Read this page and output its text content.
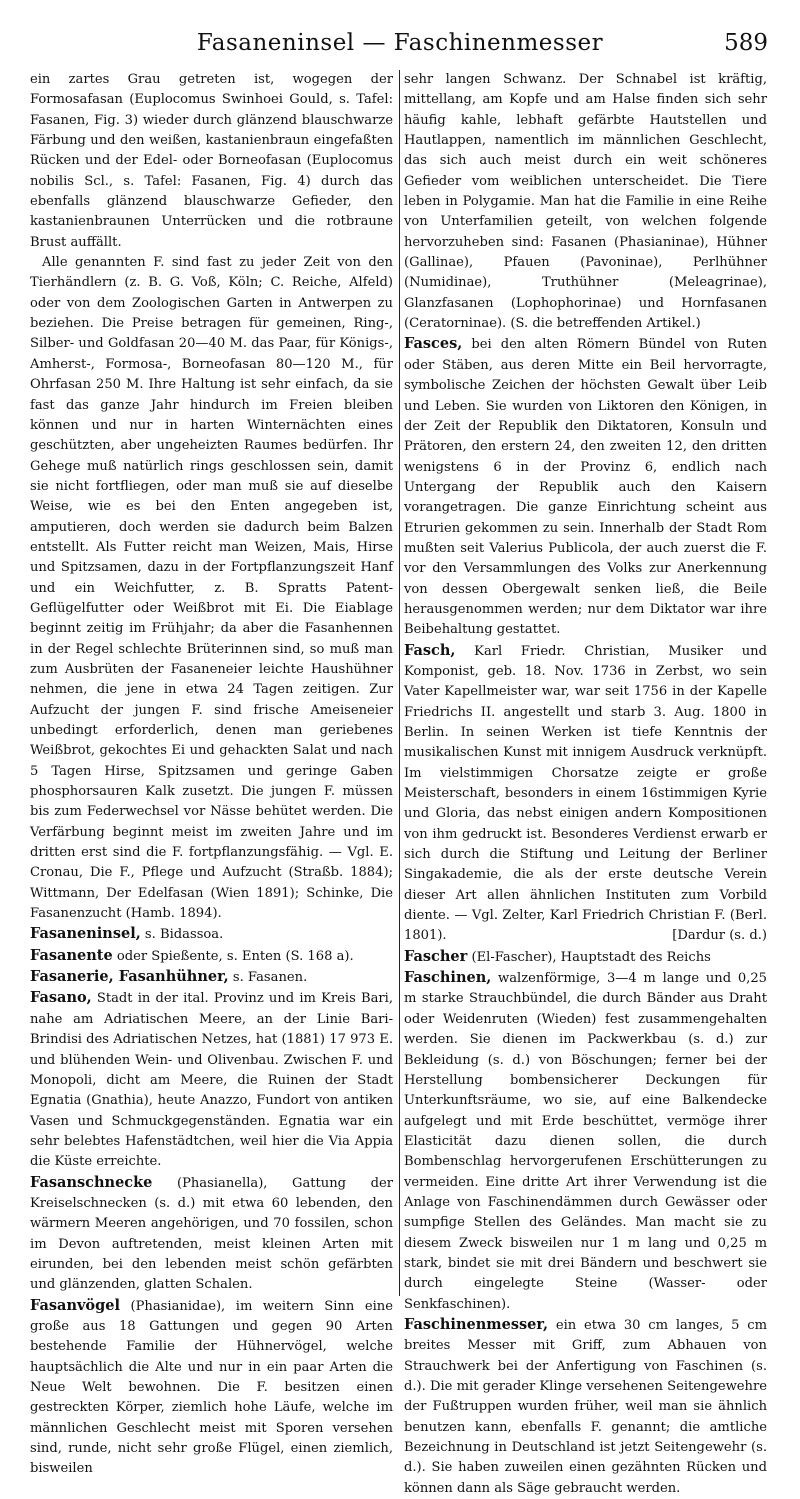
Fasaneninsel — Faschinenmesser	589

ein zartes Grau getreten ist, wogegen der Formosafasan (Euplocomus Swinhoei Gould, s. Tafel: Fasanen, Fig. 3) wieder durch glänzend blauschwarze Färbung und den weißen, kastanienbraun eingefaßten Rücken und der Edel- oder Borneofasan (Euplocomus nobilis Scl., s. Tafel: Fasanen, Fig. 4) durch das ebenfalls glänzend blauschwarze Gefieder, den kastanienbraunen Unterrücken und die rotbraune Brust auffällt.

Alle genannten F. sind fast zu jeder Zeit von den Tierhändlern (z. B. G. Voß, Köln; C. Reiche, Alfeld) oder von dem Zoologischen Garten in Antwerpen zu beziehen. Die Preise betragen für gemeinen, Ring-, Silber- und Goldfasan 20—40 M. das Paar, für Königs-, Amherst-, Formosa-, Borneofasan 80—120 M., für Ohrfasan 250 M. Ihre Haltung ist sehr einfach, da sie fast das ganze Jahr hindurch im Freien bleiben können und nur in harten Winternächten eines geschützten, aber ungeheizten Raumes bedürfen. Ihr Gehege muß natürlich rings geschlossen sein, damit sie nicht fortfliegen, oder man muß sie auf dieselbe Weise, wie es bei den Enten angegeben ist, amputieren, doch werden sie dadurch beim Balzen entstellt. Als Futter reicht man Weizen, Mais, Hirse und Spitzsamen, dazu in der Fortpflanzungszeit Hanf und ein Weichfutter, z. B. Spratts Patent-Geflügelfutter oder Weißbrot mit Ei. Die Eiablage beginnt zeitig im Frühjahr; da aber die Fasanhennen in der Regel schlechte Brüterinnen sind, so muß man zum Ausbrüten der Fasaneneier leichte Haushühner nehmen, die jene in etwa 24 Tagen zeitigen. Zur Aufzucht der jungen F. sind frische Ameiseneier unbedingt erforderlich, denen man geriebenes Weißbrot, gekochtes Ei und gehackten Salat und nach 5 Tagen Hirse, Spitzsamen und geringe Gaben phosphorsauren Kalk zusetzt. Die jungen F. müssen bis zum Federwechsel vor Nässe behütet werden. Die Verfärbung beginnt meist im zweiten Jahre und im dritten erst sind die F. fortpflanzungsfähig. — Vgl. E. Cronau, Die F., Pflege und Aufzucht (Straßb. 1884); Wittmann, Der Edelfasan (Wien 1891); Schinke, Die Fasanenzucht (Hamb. 1894).

Fasaneninsel, s. Bidassoa.

Fasanente oder Spießente, s. Enten (S. 168 a).

Fasanerie, Fasanhühner, s. Fasanen.

Fasano, Stadt in der ital. Provinz und im Kreis Bari, nahe am Adriatischen Meere, an der Linie Bari-Brindisi des Adriatischen Netzes, hat (1881) 17 973 E. und blühenden Wein- und Olivenbau. Zwischen F. und Monopoli, dicht am Meere, die Ruinen der Stadt Egnatia (Gnathia), heute Anazzo, Fundort von antiken Vasen und Schmuckgegenständen. Egnatia war ein sehr belebtes Hafenstädtchen, weil hier die Via Appia die Küste erreichte.

Fasanschnecke (Phasianella), Gattung der Kreiselschnecken (s. d.) mit etwa 60 lebenden, den wärmern Meeren angehörigen, und 70 fossilen, schon im Devon auftretenden, meist kleinen Arten mit eirunden, bei den lebenden meist schön gefärbten und glänzenden, glatten Schalen.

Fasanvögel (Phasianidae), im weitern Sinn eine große aus 18 Gattungen und gegen 90 Arten bestehende Familie der Hühnervögel, welche hauptsächlich die Alte und nur in ein paar Arten die Neue Welt bewohnen. Die F. besitzen einen gestreckten Körper, ziemlich hohe Läufe, welche im männlichen Geschlecht meist mit Sporen versehen sind, runde, nicht sehr große Flügel, einen ziemlich, bisweilen

sehr langen Schwanz. Der Schnabel ist kräftig, mittellang, am Kopfe und am Halse finden sich sehr häufig kahle, lebhaft gefärbte Hautstellen und Hautlappen, namentlich im männlichen Geschlecht, das sich auch meist durch ein weit schöneres Gefieder vom weiblichen unterscheidet. Die Tiere leben in Polygamie. Man hat die Familie in eine Reihe von Unterfamilien geteilt, von welchen folgende hervorzuheben sind: Fasanen (Phasianinae), Hühner (Gallinae), Pfauen (Pavoninae), Perlhühner (Numidinae), Truthühner (Meleagrinae), Glanzfasanen (Lophophorinae) und Hornfasanen (Ceratorninae). (S. die betreffenden Artikel.)

Fasces, bei den alten Römern Bündel von Ruten oder Stäben, aus deren Mitte ein Beil hervorragte, symbolische Zeichen der höchsten Gewalt über Leib und Leben. Sie wurden von Liktoren den Königen, in der Zeit der Republik den Diktatoren, Konsuln und Prätoren, den erstern 24, den zweiten 12, den dritten wenigstens 6 in der Provinz 6, endlich nach Untergang der Republik auch den Kaisern vorangetragen. Die ganze Einrichtung scheint aus Etrurien gekommen zu sein. Innerhalb der Stadt Rom mußten seit Valerius Publicola, der auch zuerst die F. vor den Versammlungen des Volks zur Anerkennung von dessen Obergewalt senken ließ, die Beile herausgenommen werden; nur dem Diktator war ihre Beibehaltung gestattet.

Fasch, Karl Friedr. Christian, Musiker und Komponist, geb. 18. Nov. 1736 in Zerbst, wo sein Vater Kapellmeister war, war seit 1756 in der Kapelle Friedrichs II. angestellt und starb 3. Aug. 1800 in Berlin. In seinen Werken ist tiefe Kenntnis der musikalischen Kunst mit innigem Ausdruck verknüpft. Im vielstimmigen Chorsatze zeigte er große Meisterschaft, besonders in einem 16stimmigen Kyrie und Gloria, das nebst einigen andern Kompositionen von ihm gedruckt ist. Besonderes Verdienst erwarb er sich durch die Stiftung und Leitung der Berliner Singakademie, die als der erste deutsche Verein dieser Art allen ähnlichen Instituten zum Vorbild diente. — Vgl. Zelter, Karl Friedrich Christian F. (Berl. 1801).	[Dardur (s. d.)

Fascher (El-Fascher), Hauptstadt des Reichs

Faschinen, walzenförmige, 3—4 m lange und 0,25 m starke Strauchbündel, die durch Bänder aus Draht oder Weidenruten (Wieden) fest zusammengehalten werden. Sie dienen im Packwerkbau (s. d.) zur Bekleidung (s. d.) von Böschungen; ferner bei der Herstellung bombensicherer Deckungen für Unterkunftsräume, wo sie, auf eine Balkendecke aufgelegt und mit Erde beschüttet, vermöge ihrer Elasticität dazu dienen sollen, die durch Bombenschlag hervorgerufenen Erschütterungen zu vermeiden. Eine dritte Art ihrer Verwendung ist die Anlage von Faschinendämmen durch Gewässer oder sumpfige Stellen des Geländes. Man macht sie zu diesem Zweck bisweilen nur 1 m lang und 0,25 m stark, bindet sie mit drei Bändern und beschwert sie durch eingelegte Steine (Wasser- oder Senkfaschinen).

Faschinenmesser, ein etwa 30 cm langes, 5 cm breites Messer mit Griff, zum Abhauen von Strauchwerk bei der Anfertigung von Faschinen (s. d.). Die mit gerader Klinge versehenen Seitengewehre der Fußtruppen wurden früher, weil man sie ähnlich benutzen kann, ebenfalls F. genannt; die amtliche Bezeichnung in Deutschland ist jetzt Seitengewehr (s. d.). Sie haben zuweilen einen gezähnten Rücken und können dann als Säge gebraucht werden.
